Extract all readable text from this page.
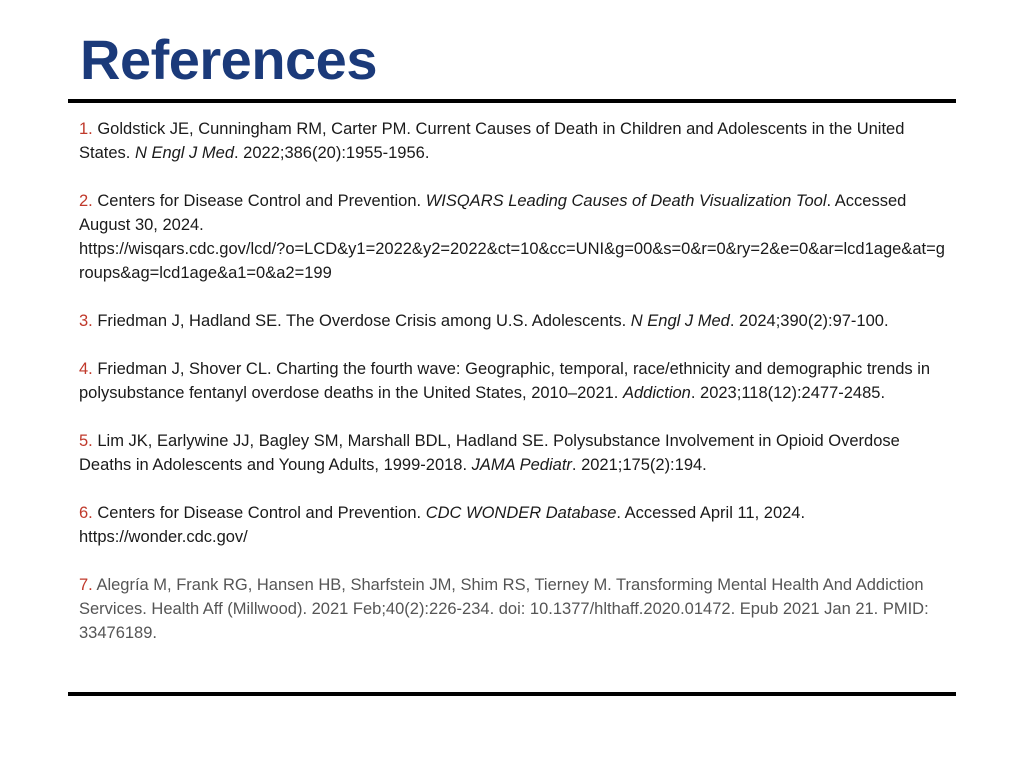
References
1. Goldstick JE, Cunningham RM, Carter PM. Current Causes of Death in Children and Adolescents in the United States. N Engl J Med. 2022;386(20):1955-1956.
2. Centers for Disease Control and Prevention. WISQARS Leading Causes of Death Visualization Tool. Accessed August 30, 2024.
https://wisqars.cdc.gov/lcd/?o=LCD&y1=2022&y2=2022&ct=10&cc=UNI&g=00&s=0&r=0&ry=2&e=0&ar=lcd1age&at=groups&ag=lcd1age&a1=0&a2=199
3. Friedman J, Hadland SE. The Overdose Crisis among U.S. Adolescents. N Engl J Med. 2024;390(2):97-100.
4. Friedman J, Shover CL. Charting the fourth wave: Geographic, temporal, race/ethnicity and demographic trends in polysubstance fentanyl overdose deaths in the United States, 2010–2021. Addiction. 2023;118(12):2477-2485.
5. Lim JK, Earlywine JJ, Bagley SM, Marshall BDL, Hadland SE. Polysubstance Involvement in Opioid Overdose Deaths in Adolescents and Young Adults, 1999-2018. JAMA Pediatr. 2021;175(2):194.
6. Centers for Disease Control and Prevention. CDC WONDER Database. Accessed April 11, 2024.
https://wonder.cdc.gov/
7. Alegría M, Frank RG, Hansen HB, Sharfstein JM, Shim RS, Tierney M. Transforming Mental Health And Addiction Services. Health Aff (Millwood). 2021 Feb;40(2):226-234. doi: 10.1377/hlthaff.2020.01472. Epub 2021 Jan 21. PMID: 33476189.
